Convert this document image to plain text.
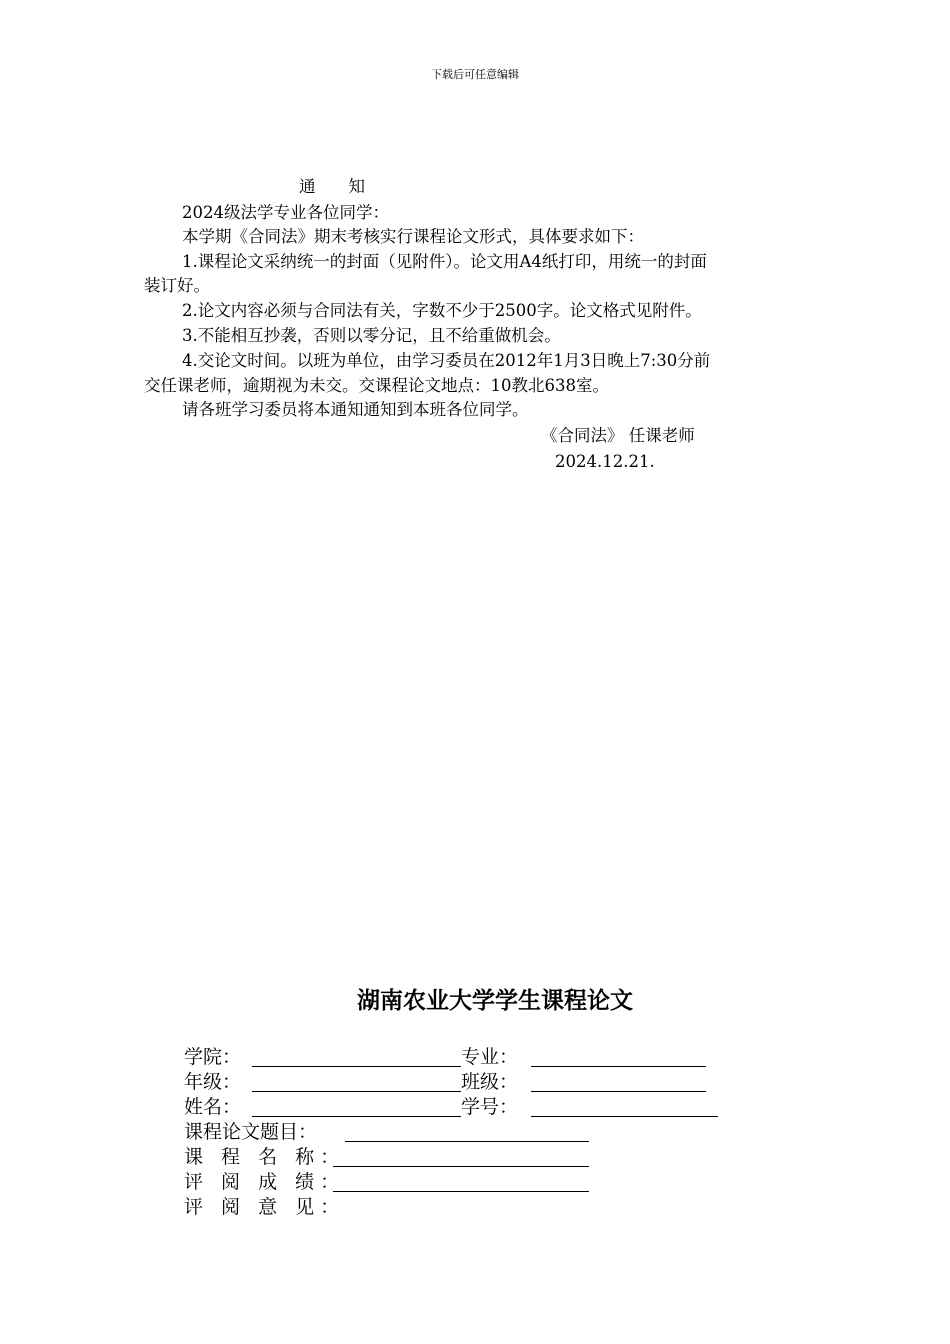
下载后可任意编辑
通　　知
2024级法学专业各位同学：
本学期《合同法》期末考核实行课程论文形式，具体要求如下：
1.课程论文采纳统一的封面（见附件）。论文用A4纸打印，用统一的封面
装订好。
2.论文内容必须与合同法有关，字数不少于2500字。论文格式见附件。
3.不能相互抄袭，否则以零分记，且不给重做机会。
4.交论文时间。以班为单位，由学习委员在2012年1月3日晚上7:30分前
交任课老师，逾期视为未交。交课程论文地点：10教北638室。
请各班学习委员将本通知通知到本班各位同学。
《合同法》 任课老师
2024.12.21.
湖南农业大学学生课程论文
学院：	专业：
年级：	班级：
姓名：	学号：
课程论文题目：
课 程 名 称：
评 阅 成 绩：
评 阅 意 见：
